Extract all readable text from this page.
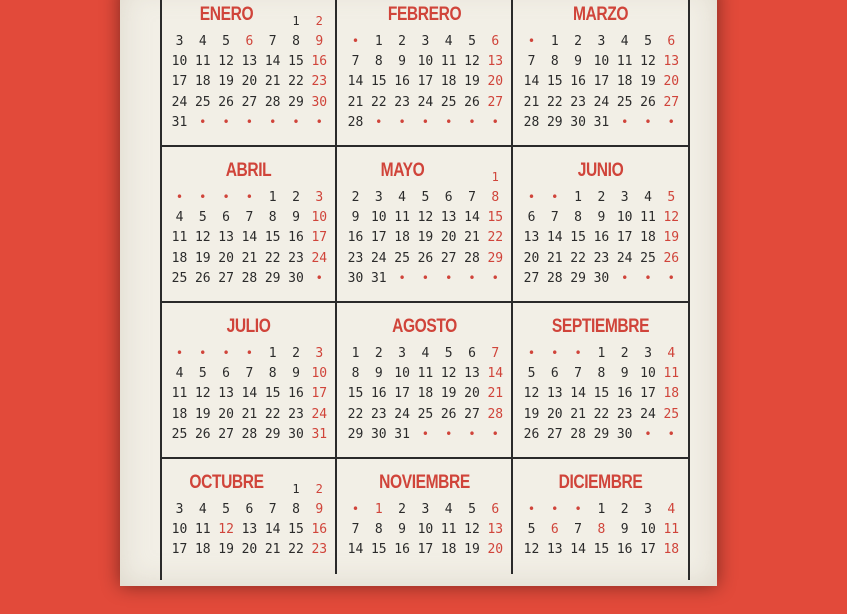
ENERO	1	2
3	4	5	6	7	8	9
10 11 12 13 14 15 16
17 18 19 20 21 22 23
24 25 26 27 28 29 30
31 •	•	•	•	•	•
FEBRERO
•	1	2	3	4	5	6
7	8	9 10 11 12 13
14 15 16 17 18 19 20
21 22 23 24 25 26 27
28 •	•	•	•	•	•
MARZO
•	1	2	3	4	5	6
7	8	9 10 11 12 13
14 15 16 17 18 19 20
21 22 23 24 25 26 27
28 29 30 31 •	•	•
ABRIL
•	•	•	•	1	2	3
4	5	6	7	8	9 10
11 12 13 14 15 16 17
18 19 20 21 22 23 24
25 26 27 28 29 30 •
MAYO	1
2	3	4	5	6	7	8
9 10 11 12 13 14 15
16 17 18 19 20 21 22
23 24 25 26 27 28 29
30 31 •	•	•	•	•
JUNIO
•	•	1	2	3	4	5
6	7	8	9 10 11 12
13 14 15 16 17 18 19
20 21 22 23 24 25 26
27 28 29 30 •	•	•
JULIO
•	•	•	•	1	2	3
4	5	6	7	8	9 10
11 12 13 14 15 16 17
18 19 20 21 22 23 24
25 26 27 28 29 30 31
AGOSTO
1	2	3	4	5	6	7
8	9 10 11 12 13 14
15 16 17 18 19 20 21
22 23 24 25 26 27 28
29 30 31 •	•	•	•
SEPTIEMBRE
•	•	•	1	2	3	4
5	6	7	8	9 10 11
12 13 14 15 16 17 18
19 20 21 22 23 24 25
26 27 28 29 30 •	•
OCTUBRE	1	2
3	4	5	6	7	8	9
10 11 12 13 14 15 16
17 18 19 20 21 22 23
NOVIEMBRE
•	1	2	3	4	5	6
7	8	9 10 11 12 13
14 15 16 17 18 19 20
DICIEMBRE
•	•	•	1	2	3	4
5	6	7	8	9 10 11
12 13 14 15 16 17 18
